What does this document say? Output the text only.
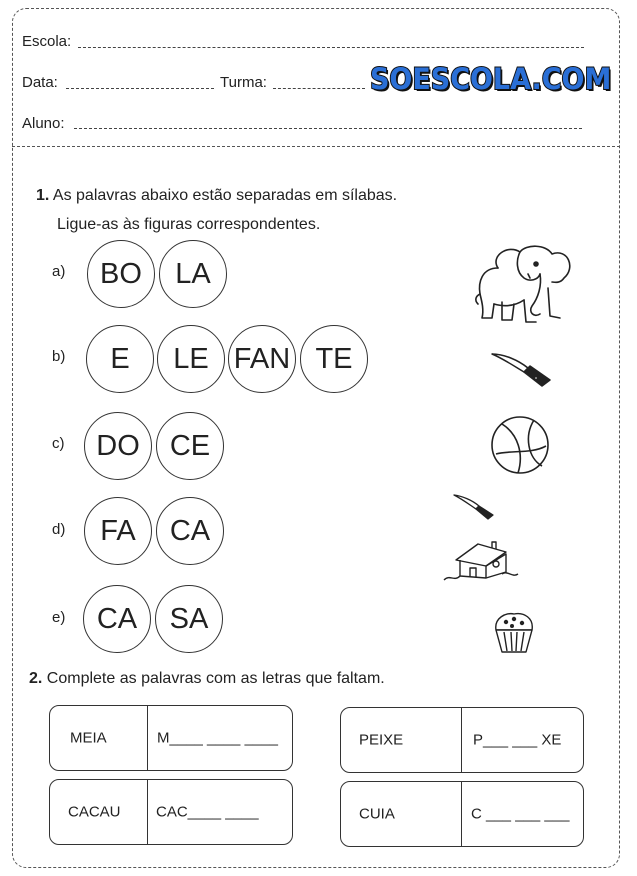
Escola:
Data:	Turma:	SOESCOLA.COM
Aluno:
1. As palavras abaixo estão separadas em sílabas.
Ligue-as às figuras correspondentes.
a)	BO	LA
b)	E	LE FAN TE
c)	DO	CE
d)	FA	CA
e)	CA	SA
2. Complete as palavras com as letras que faltam.
MEIA	M____ ____ ____	PEIXE	P___ ___ XE
CACAU CAC____ ____	CUIA	C ___ ___ ___
